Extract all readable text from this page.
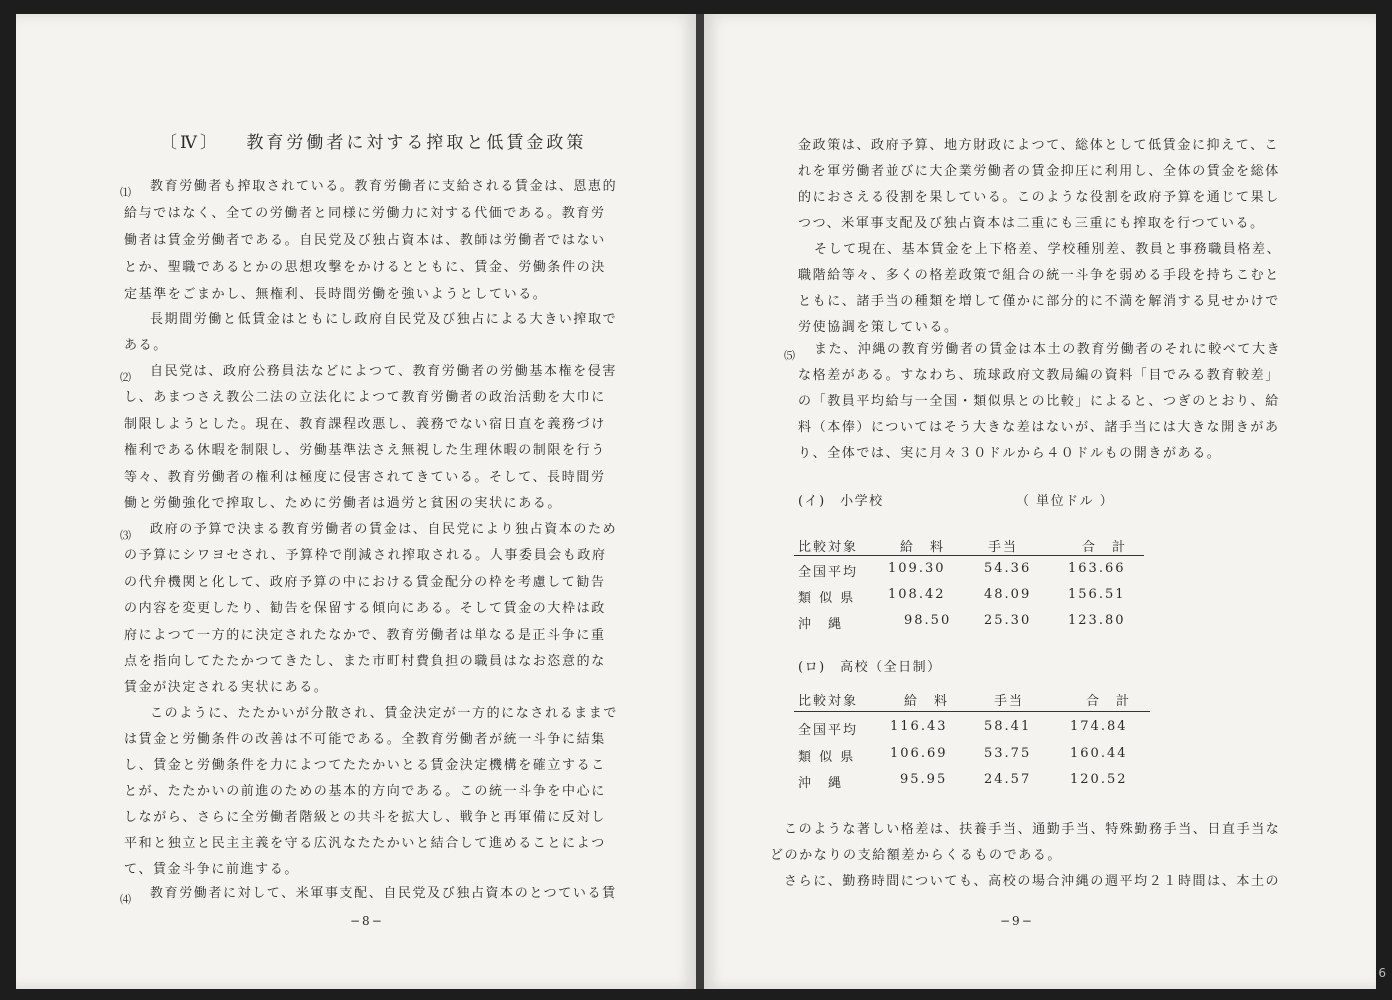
〔Ⅳ〕 教育労働者に対する搾取と低賃金政策
⑴ 教育労働者も搾取されている。教育労働者に支給される賃金は、恩恵的
給与ではなく、全ての労働者と同様に労働力に対する代価である。教育労
働者は賃金労働者である。自民党及び独占資本は、教師は労働者ではない
とか、聖職であるとかの思想攻撃をかけるとともに、賃金、労働条件の決
定基準をごまかし、無権利、長時間労働を強いようとしている。
長期間労働と低賃金はともにし政府自民党及び独占による大きい搾取で
ある。
⑵ 自民党は、政府公務員法などによつて、教育労働者の労働基本権を侵害
し、あまつさえ教公二法の立法化によつて教育労働者の政治活動を大巾に
制限しようとした。現在、教育課程改悪し、義務でない宿日直を義務づけ
権利である休暇を制限し、労働基準法さえ無視した生理休暇の制限を行う
等々、教育労働者の権利は極度に侵害されてきている。そして、長時間労
働と労働強化で搾取し、ために労働者は過労と貧困の実状にある。
⑶ 政府の予算で決まる教育労働者の賃金は、自民党により独占資本のため
の予算にシワヨセされ、予算枠で削減され搾取される。人事委員会も政府
の代弁機関と化して、政府予算の中における賃金配分の枠を考慮して勧告
の内容を変更したり、勧告を保留する傾向にある。そして賃金の大枠は政
府によつて一方的に決定されたなかで、教育労働者は単なる是正斗争に重
点を指向してたたかつてきたし、また市町村費負担の職員はなお恣意的な
賃金が決定される実状にある。
このように、たたかいが分散され、賃金決定が一方的になされるままで
は賃金と労働条件の改善は不可能である。全教育労働者が統一斗争に結集
し、賃金と労働条件を力によつてたたかいとる賃金決定機構を確立するこ
とが、たたかいの前進のための基本的方向である。この統一斗争を中心に
しながら、さらに全労働者階級との共斗を拡大し、戦争と再軍備に反対し
平和と独立と民主主義を守る広汎なたたかいと結合して進めることによつ
て、賃金斗争に前進する。
⑷ 教育労働者に対して、米軍事支配、自民党及び独占資本のとつている賃
−8−
金政策は、政府予算、地方財政によつて、総体として低賃金に抑えて、こ
れを軍労働者並びに大企業労働者の賃金抑圧に利用し、全体の賃金を総体
的におさえる役割を果している。このような役割を政府予算を通じて果し
つつ、米軍事支配及び独占資本は二重にも三重にも搾取を行つている。
そして現在、基本賃金を上下格差、学校種別差、教員と事務職員格差、
職階給等々、多くの格差政策で組合の統一斗争を弱める手段を持ちこむと
ともに、諸手当の種類を増して僅かに部分的に不満を解消する見せかけで
労使協調を策している。
⑸ また、沖縄の教育労働者の賃金は本土の教育労働者のそれに較べて大き
な格差がある。すなわち、琉球政府文教局編の資料「目でみる教育較差」
の「教員平均給与一全国・類似県との比較」によると、つぎのとおり、給
料（本俸）についてはそう大きな差はないが、諸手当には大きな開きがあ
り、全体では、実に月々３０ドルから４０ドルもの開きがある。
(イ)　小学校	（ 単位ドル ）
比較対象	給　料	手当	合　計
全国平均 109.30	54.36	163.66
類 似 県	108.42	48.09	156.51
沖　縄	98.50	25.30	123.80
(ロ)　高校（全日制）
比較対象	給　料	手当	合　計
全国平均 116.43	58.41	174.84
類 似 県	106.69	53.75	160.44
沖　縄	95.95	24.57	120.52
このような著しい格差は、扶養手当、通勤手当、特殊勤務手当、日直手当な
どのかなりの支給額差からくるものである。
さらに、勤務時間についても、高校の場合沖縄の週平均２１時間は、本土の
−9−
6
